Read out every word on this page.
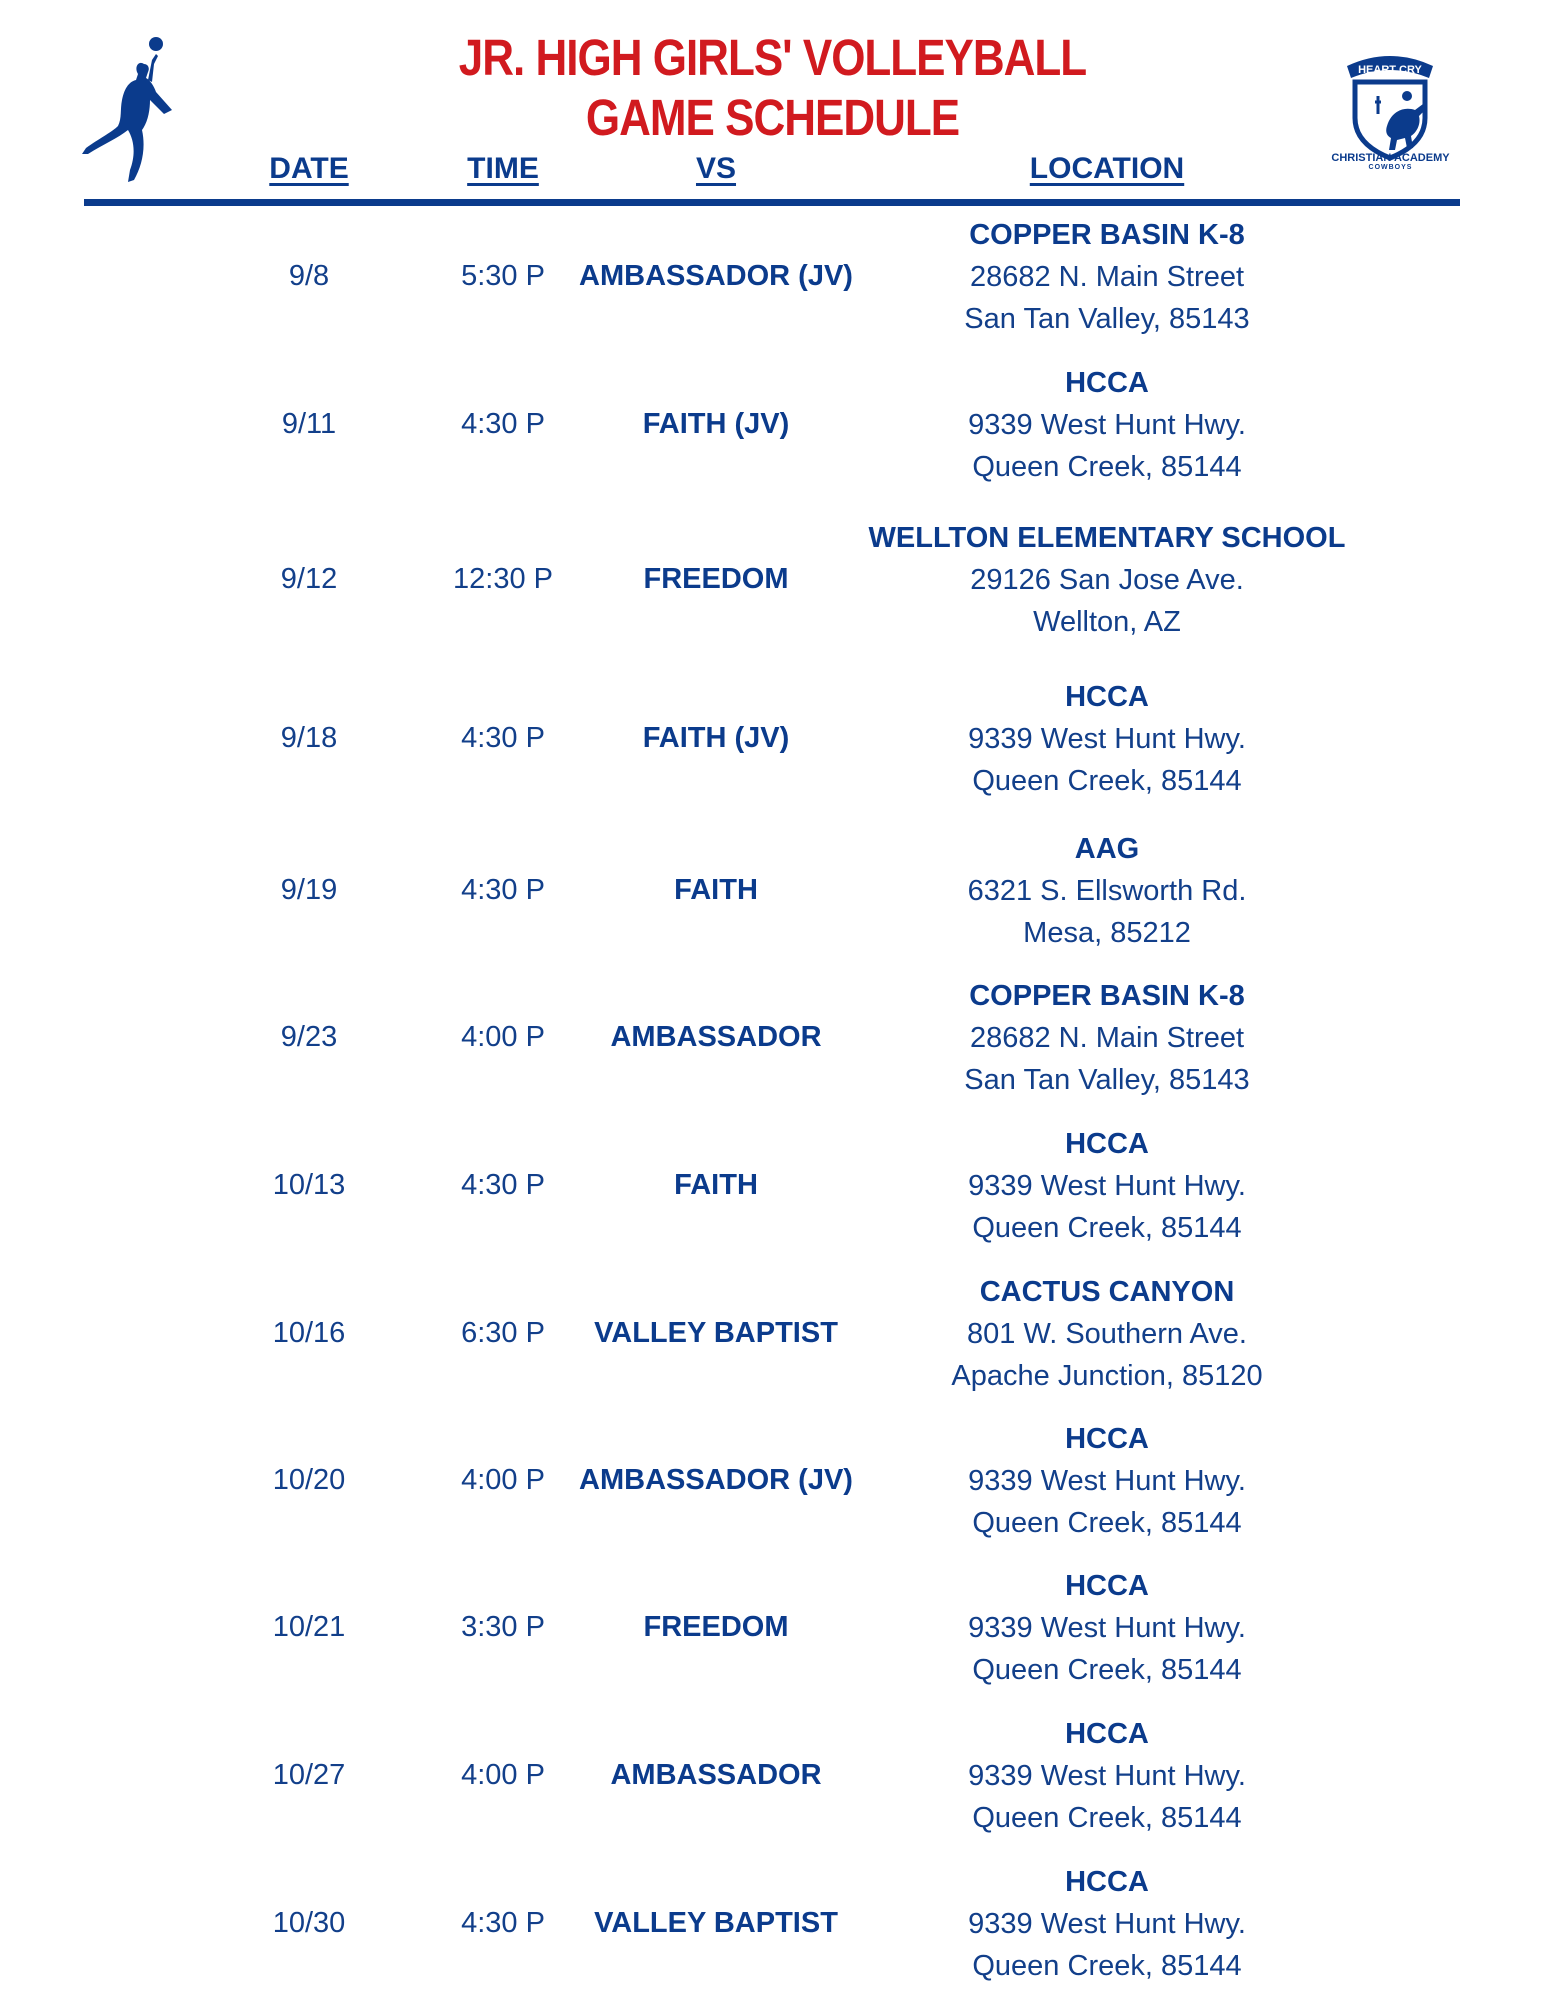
JR. HIGH GIRLS' VOLLEYBALL
GAME SCHEDULE
HEART CRY
CHRISTIAN ACADEMY
COWBOYS
DATE	TIME	VS	LOCATION
9/8	5:30 P AMBASSADOR (JV)
COPPER BASIN K-8
28682 N. Main Street
San Tan Valley, 85143
9/11	4:30 P	FAITH (JV)
HCCA
9339 West Hunt Hwy.
Queen Creek, 85144
9/12	12:30 P	FREEDOM
WELLTON ELEMENTARY SCHOOL
29126 San Jose Ave.
Wellton, AZ
9/18	4:30 P	FAITH (JV)
HCCA
9339 West Hunt Hwy.
Queen Creek, 85144
9/19	4:30 P	FAITH
AAG
6321 S. Ellsworth Rd.
Mesa, 85212
9/23	4:00 P AMBASSADOR
COPPER BASIN K-8
28682 N. Main Street
San Tan Valley, 85143
10/13	4:30 P	FAITH
HCCA
9339 West Hunt Hwy.
Queen Creek, 85144
10/16	6:30 P VALLEY BAPTIST
CACTUS CANYON
801 W. Southern Ave.
Apache Junction, 85120
10/20	4:00 P AMBASSADOR (JV)
HCCA
9339 West Hunt Hwy.
Queen Creek, 85144
10/21	3:30 P	FREEDOM
HCCA
9339 West Hunt Hwy.
Queen Creek, 85144
10/27	4:00 P AMBASSADOR
HCCA
9339 West Hunt Hwy.
Queen Creek, 85144
10/30	4:30 P VALLEY BAPTIST
HCCA
9339 West Hunt Hwy.
Queen Creek, 85144
